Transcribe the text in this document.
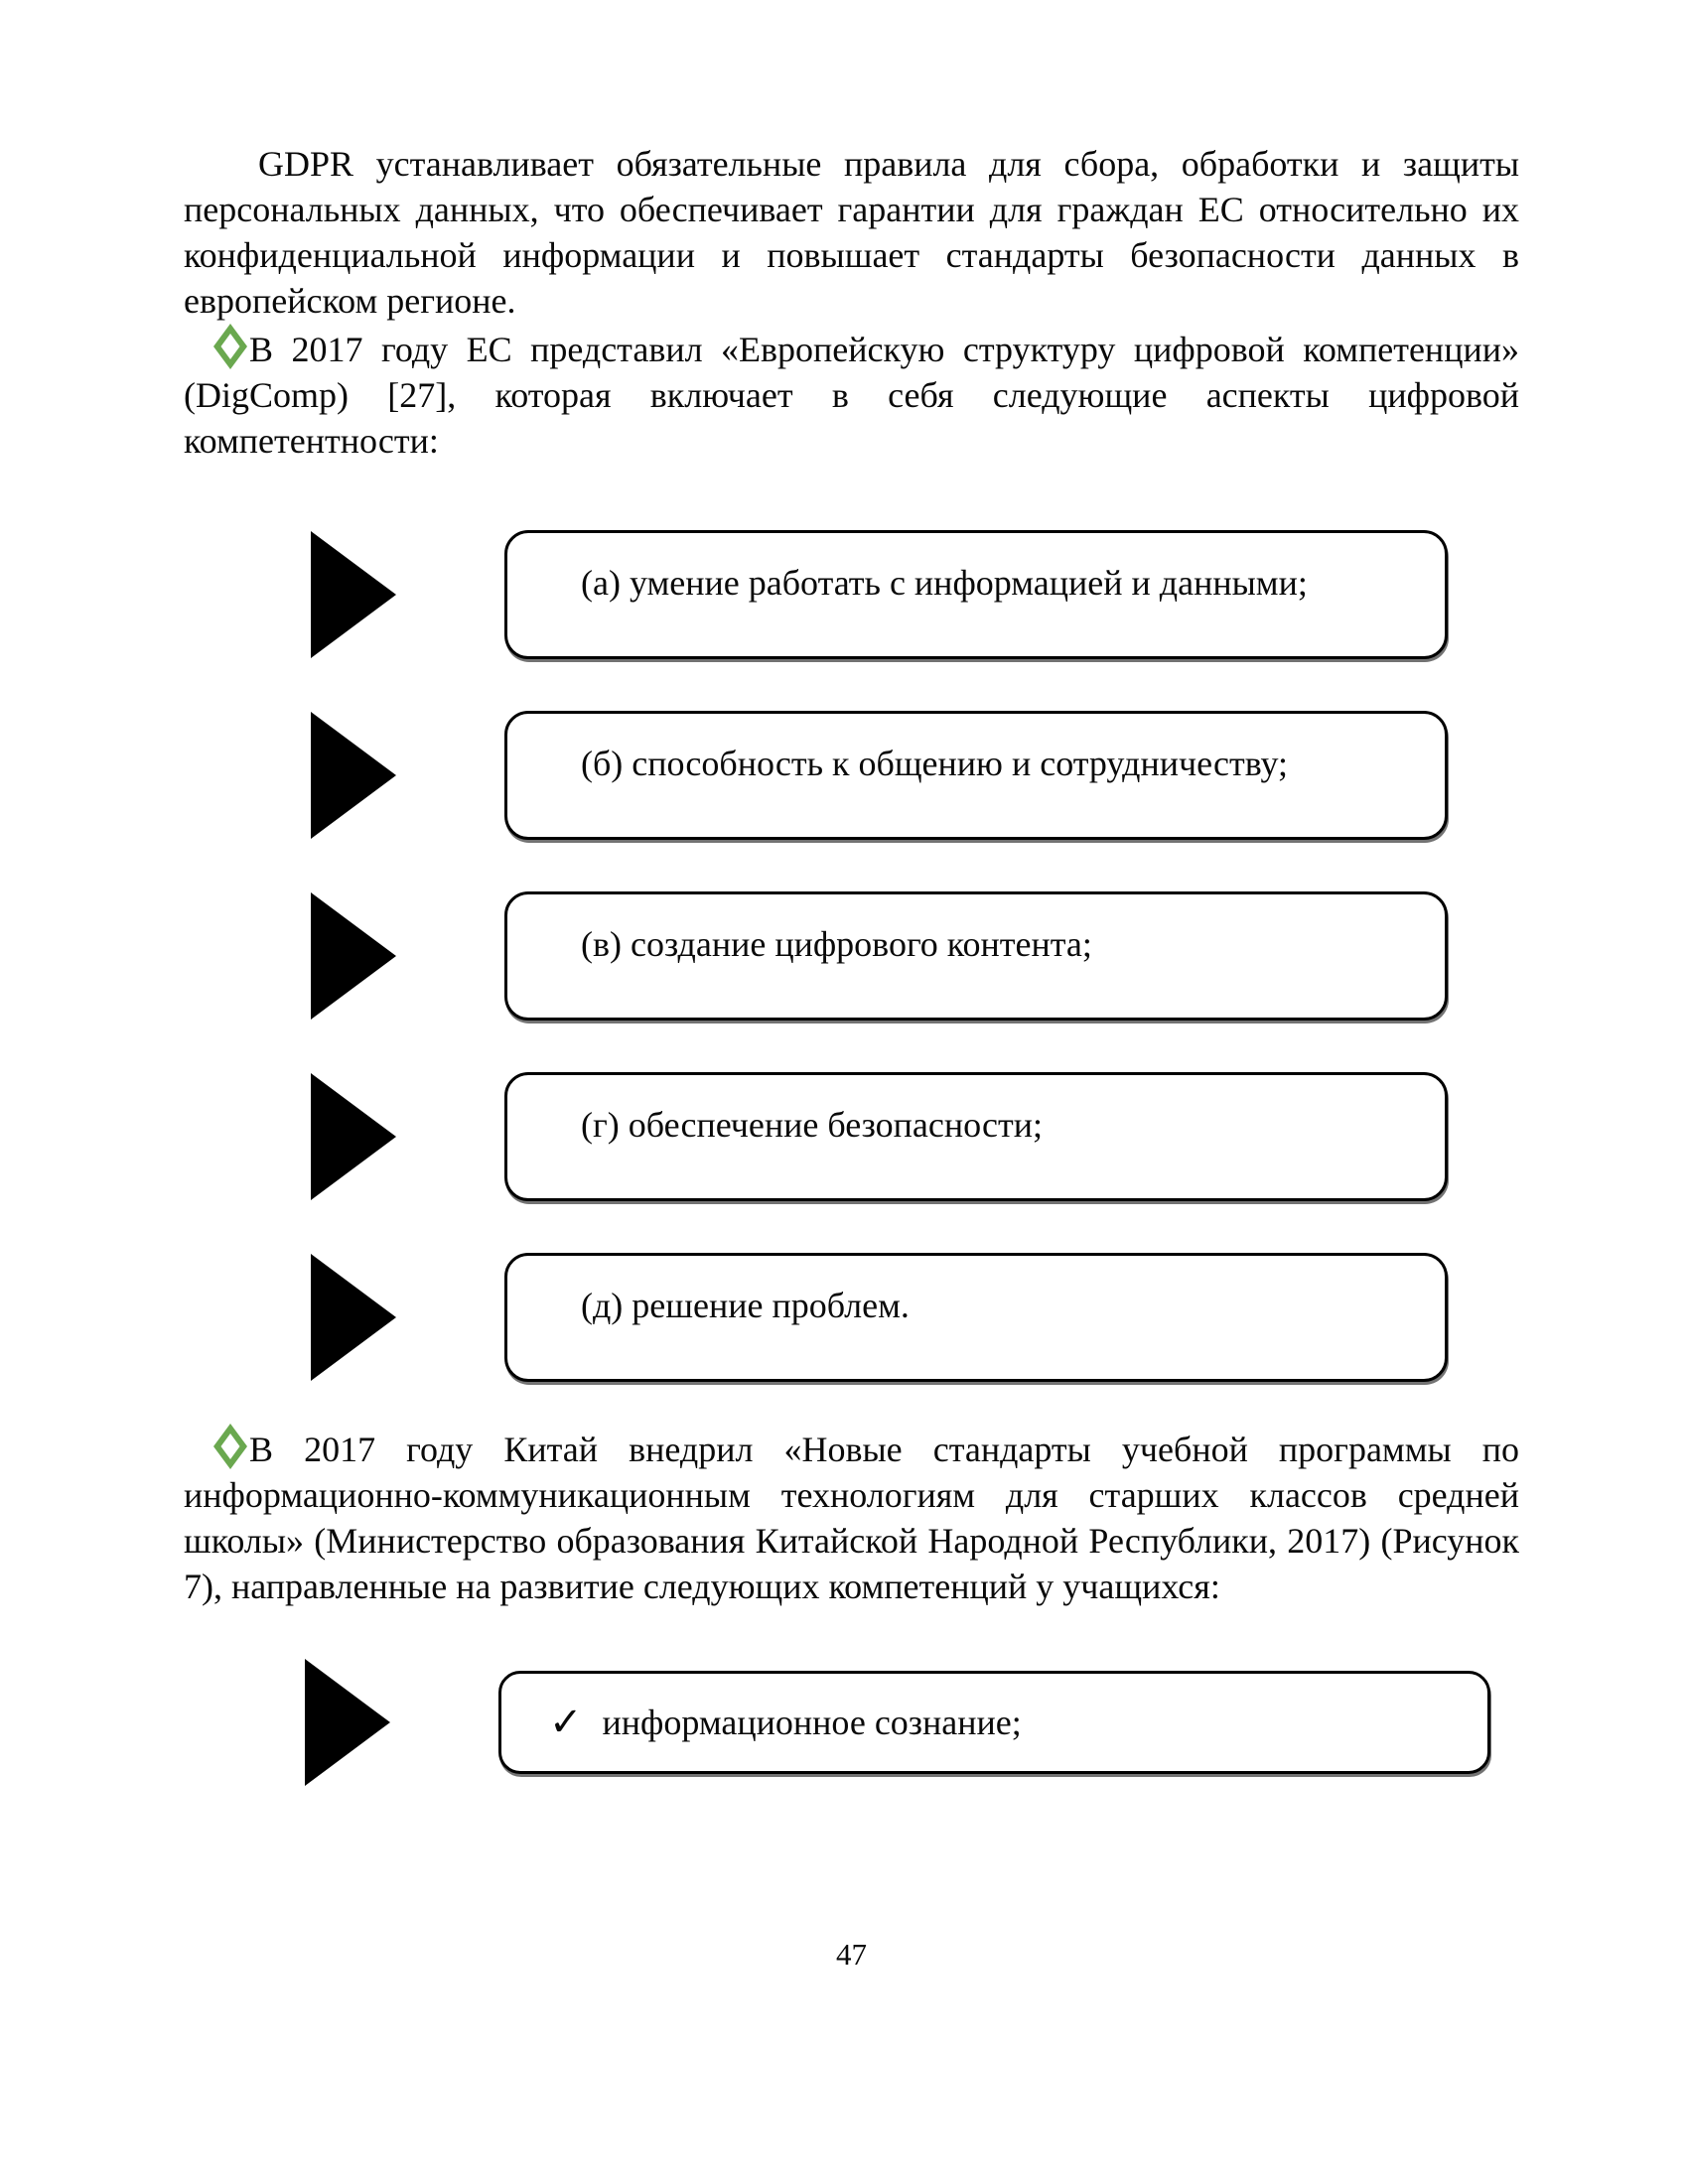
GDPR устанавливает обязательные правила для сбора, обработки и защиты персональных данных, что обеспечивает гарантии для граждан ЕС относительно их конфиденциальной информации и повышает стандарты безопасности данных в европейском регионе.

В 2017 году ЕС представил «Европейскую структуру цифровой компетенции» (DigComp) [27], которая включает в себя следующие аспекты цифровой компетентности:

(а) умение работать с информацией и данными;
(б) способность к общению и сотрудничеству;
(в) создание цифрового контента;
(г) обеспечение безопасности;
(д) решение проблем.

В 2017 году Китай внедрил «Новые стандарты учебной программы по информационно-коммуникационным технологиям для старших классов средней школы» (Министерство образования Китайской Народной Республики, 2017) (Рисунок 7), направленные на развитие следующих компетенций у учащихся:

✓ информационное сознание;
47
